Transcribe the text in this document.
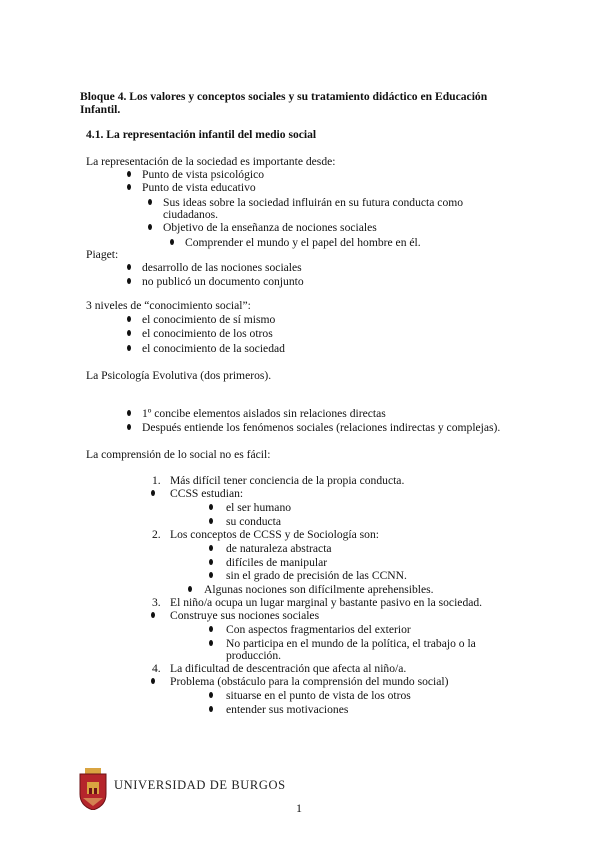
Bloque 4. Los valores y conceptos sociales y su tratamiento didáctico en Educación
Infantil.
4.1. La representación infantil del medio social
La representación de la sociedad es importante desde:
Punto de vista psicológico
Punto de vista educativo
Sus ideas sobre la sociedad influirán en su futura conducta como
ciudadanos.
Objetivo de la enseñanza de nociones sociales
Comprender el mundo y el papel del hombre en él.
Piaget:
desarrollo de las nociones sociales
no publicó un documento conjunto
3 niveles de “conocimiento social”:
el conocimiento de sí mismo
el conocimiento de los otros
el conocimiento de la sociedad
La Psicología Evolutiva (dos primeros).
1º concibe elementos aislados sin relaciones directas
Después entiende los fenómenos sociales (relaciones indirectas y complejas).
La comprensión de lo social no es fácil:
1. Más difícil tener conciencia de la propia conducta.
CCSS estudian:
el ser humano
su conducta
2. Los conceptos de CCSS y de Sociología son:
de naturaleza abstracta
difíciles de manipular
sin el grado de precisión de las CCNN.
Algunas nociones son difícilmente aprehensibles.
3. El niño/a ocupa un lugar marginal y bastante pasivo en la sociedad.
Construye sus nociones sociales
Con aspectos fragmentarios del exterior
No participa en el mundo de la política, el trabajo o la
producción.
4. La dificultad de descentración que afecta al niño/a.
Problema (obstáculo para la comprensión del mundo social)
situarse en el punto de vista de los otros
entender sus motivaciones
UNIVERSIDAD DE BURGOS
1
